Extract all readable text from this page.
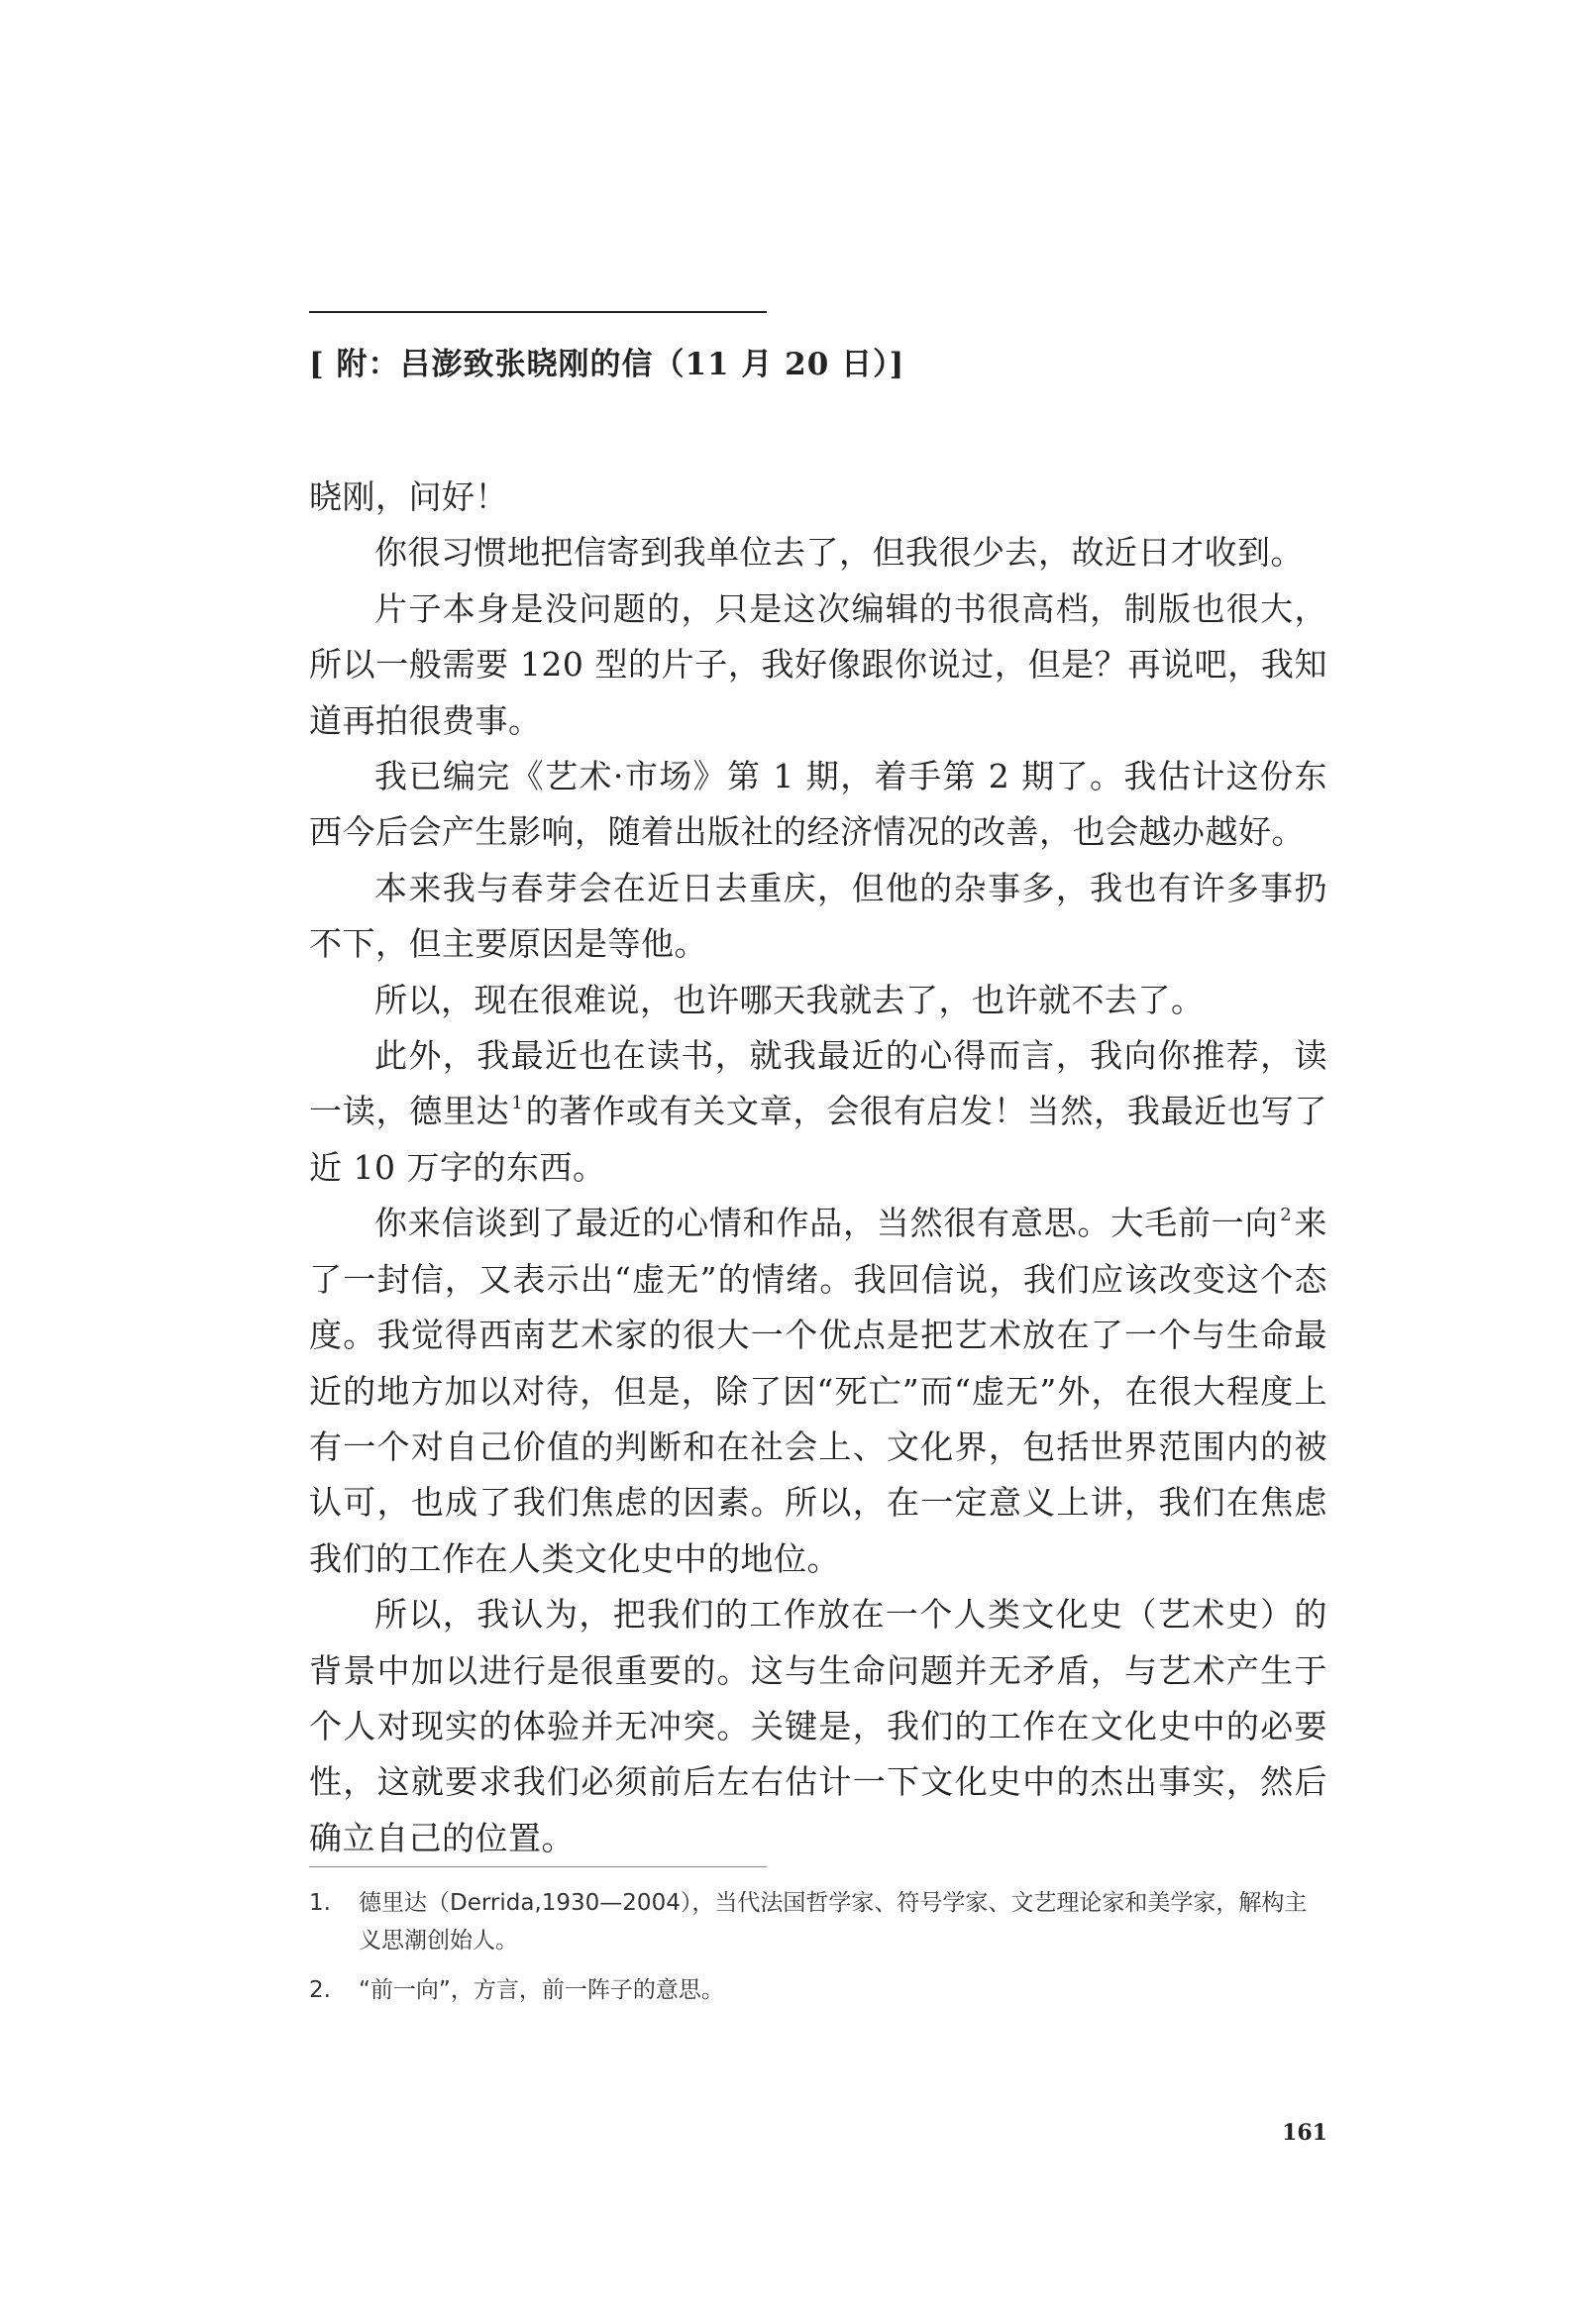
[ 附：吕澎致张晓刚的信（11 月 20 日）]

晓刚，问好！

你很习惯地把信寄到我单位去了，但我很少去，故近日才收到。

片子本身是没问题的，只是这次编辑的书很高档，制版也很大，所以一般需要 120 型的片子，我好像跟你说过，但是？再说吧，我知道再拍很费事。

我已编完《艺术·市场》第 1 期，着手第 2 期了。我估计这份东西今后会产生影响，随着出版社的经济情况的改善，也会越办越好。

本来我与春芽会在近日去重庆，但他的杂事多，我也有许多事扔不下，但主要原因是等他。

所以，现在很难说，也许哪天我就去了，也许就不去了。

此外，我最近也在读书，就我最近的心得而言，我向你推荐，读一读，德里达 $^1$的著作或有关文章，会很有启发！当然，我最近也写了近 10 万字的东西。

你来信谈到了最近的心情和作品，当然很有意思。大毛前一向 $^2$来了一封信，又表示出“虚无”的情绪。我回信说，我们应该改变这个态度。我觉得西南艺术家的很大一个优点是把艺术放在了一个与生命最近的地方加以对待，但是，除了因“死亡”而“虚无”外，在很大程度上有一个对自己价值的判断和在社会上、文化界，包括世界范围内的被认可，也成了我们焦虑的因素。所以，在一定意义上讲，我们在焦虑我们的工作在人类文化史中的地位。

所以，我认为，把我们的工作放在一个人类文化史（艺术史）的背景中加以进行是很重要的。这与生命问题并无矛盾，与艺术产生于个人对现实的体验并无冲突。关键是，我们的工作在文化史中的必要性，这就要求我们必须前后左右估计一下文化史中的杰出事实，然后确立自己的位置。

1. 德里达（Derrida,1930—2004），当代法国哲学家、符号学家、文艺理论家和美学家，解构主义思潮创始人。
2. “前一向”，方言，前一阵子的意思。
161
